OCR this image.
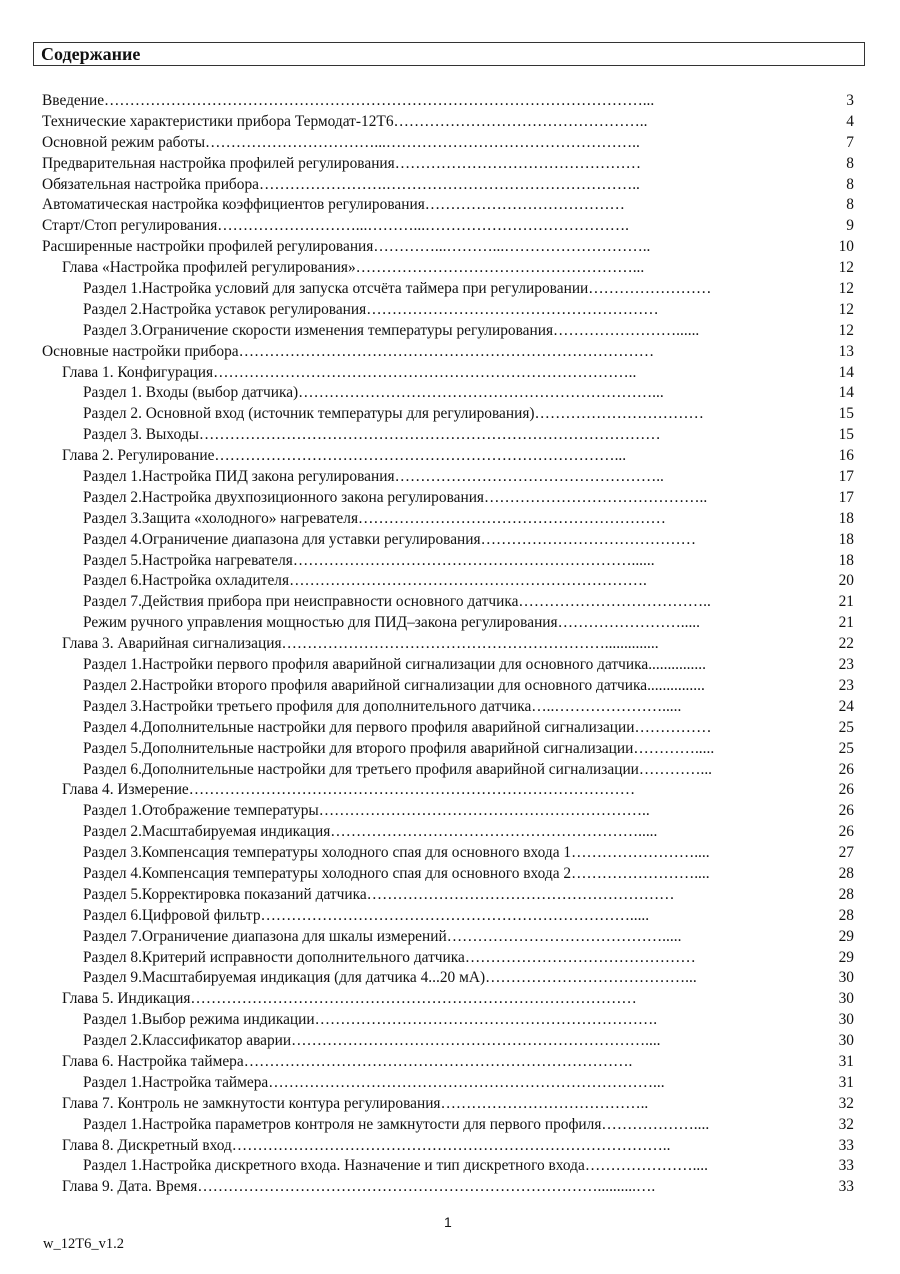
Содержание
Введение……………………………………………………………………………………………...	3
Технические характеристики прибора Термодат-12Т6…………………………………………..	4
Основной режим работы……………………………...…………………………………………..	7
Предварительная настройка профилей регулирования…………………………………………	8
Обязательная настройка прибора…………………….…………………………………………..	8
Автоматическая настройка коэффициентов регулирования…………………………………	8
Старт/Стоп регулирования………………………...………...………………………………….	9
Расширенные настройки профилей регулирования…………...………...………………………..	10
Глава «Настройка профилей регулирования»………………………………………………...	12
Раздел 1.Настройка условий для запуска отсчёта таймера при регулировании……………………	12
Раздел 2.Настройка уставок регулирования…………………………………………………	12
Раздел 3.Ограничение скорости изменения температуры регулирования……………………......	12
Основные настройки прибора………………………………………………………………………	13
Глава 1. Конфигурация………………………………………………………………………..	14
Раздел 1. Входы (выбор датчика)……………………………………………………………...	14
Раздел 2. Основной вход (источник температуры для регулирования)……………………………	15
Раздел 3. Выходы………………………………………………………………………………	15
Глава 2. Регулирование……………………………………………………………………...	16
Раздел 1.Настройка ПИД закона регулирования……………………………………………..	17
Раздел 2.Настройка двухпозиционного закона регулирования……………………………………..	17
Раздел 3.Защита «холодного» нагревателя……………………………………………………	18
Раздел 4.Ограничение диапазона для уставки регулирования……………………………………	18
Раздел 5.Настройка нагревателя…………………………………………………………......	18
Раздел 6.Настройка охладителя…………………………………………………………….	20
Раздел 7.Действия прибора при неисправности основного датчика………………………………..	21
Режим ручного управления мощностью для ПИД–закона регулирования…………………….....	21
Глава 3. Аварийная сигнализация………………………………………………………..............	22
Раздел 1.Настройки первого профиля аварийной сигнализации для основного датчика...............	23
Раздел 2.Настройки второго профиля аварийной сигнализации для основного датчика...............	23
Раздел 3.Настройки третьего профиля для дополнительного датчика…..………………….....	24
Раздел 4.Дополнительные настройки для первого профиля аварийной сигнализации……………	25
Раздел 5.Дополнительные настройки для второго профиля аварийной сигнализации………….....	25
Раздел 6.Дополнительные настройки для третьего профиля аварийной сигнализации…………...	26
Глава 4. Измерение……………………………………………………………………………	26
Раздел 1.Отображение температуры………………………………………………………..	26
Раздел 2.Масштабируемая индикация…………………………………………………….....	26
Раздел 3.Компенсация температуры холодного спая для основного входа 1……………………....	27
Раздел 4.Компенсация температуры холодного спая для основного входа 2……………………....	28
Раздел 5.Корректировка показаний датчика……………………………………………………	28
Раздел 6.Цифровой фильтр……………………………………………………………….....	28
Раздел 7.Ограничение диапазона для шкалы измерений…………………………………….....	29
Раздел 8.Критерий исправности дополнительного датчика………………………………………	29
Раздел 9.Масштабируемая индикация (для датчика 4...20 мА)…………………………………...	30
Глава 5. Индикация……………………………………………………………………………	30
Раздел 1.Выбор режима индикации………………………………………………………….	30
Раздел 2.Классификатор аварии……………………………………………………………....	30
Глава 6. Настройка таймера………………………………………………………………….	31
Раздел 1.Настройка таймера…………………………………………………………………...	31
Глава 7. Контроль не замкнутости контура регулирования…………………………………..	32
Раздел 1.Настройка параметров контроля не замкнутости для первого профиля………………....	32
Глава 8. Дискретный вход…………………………………………………………………………..	33
Раздел 1.Настройка дискретного входа. Назначение и тип дискретного входа…………………....	33
Глава 9. Дата. Время……………………………………………………………………..........….	33
1
w_12T6_v1.2
